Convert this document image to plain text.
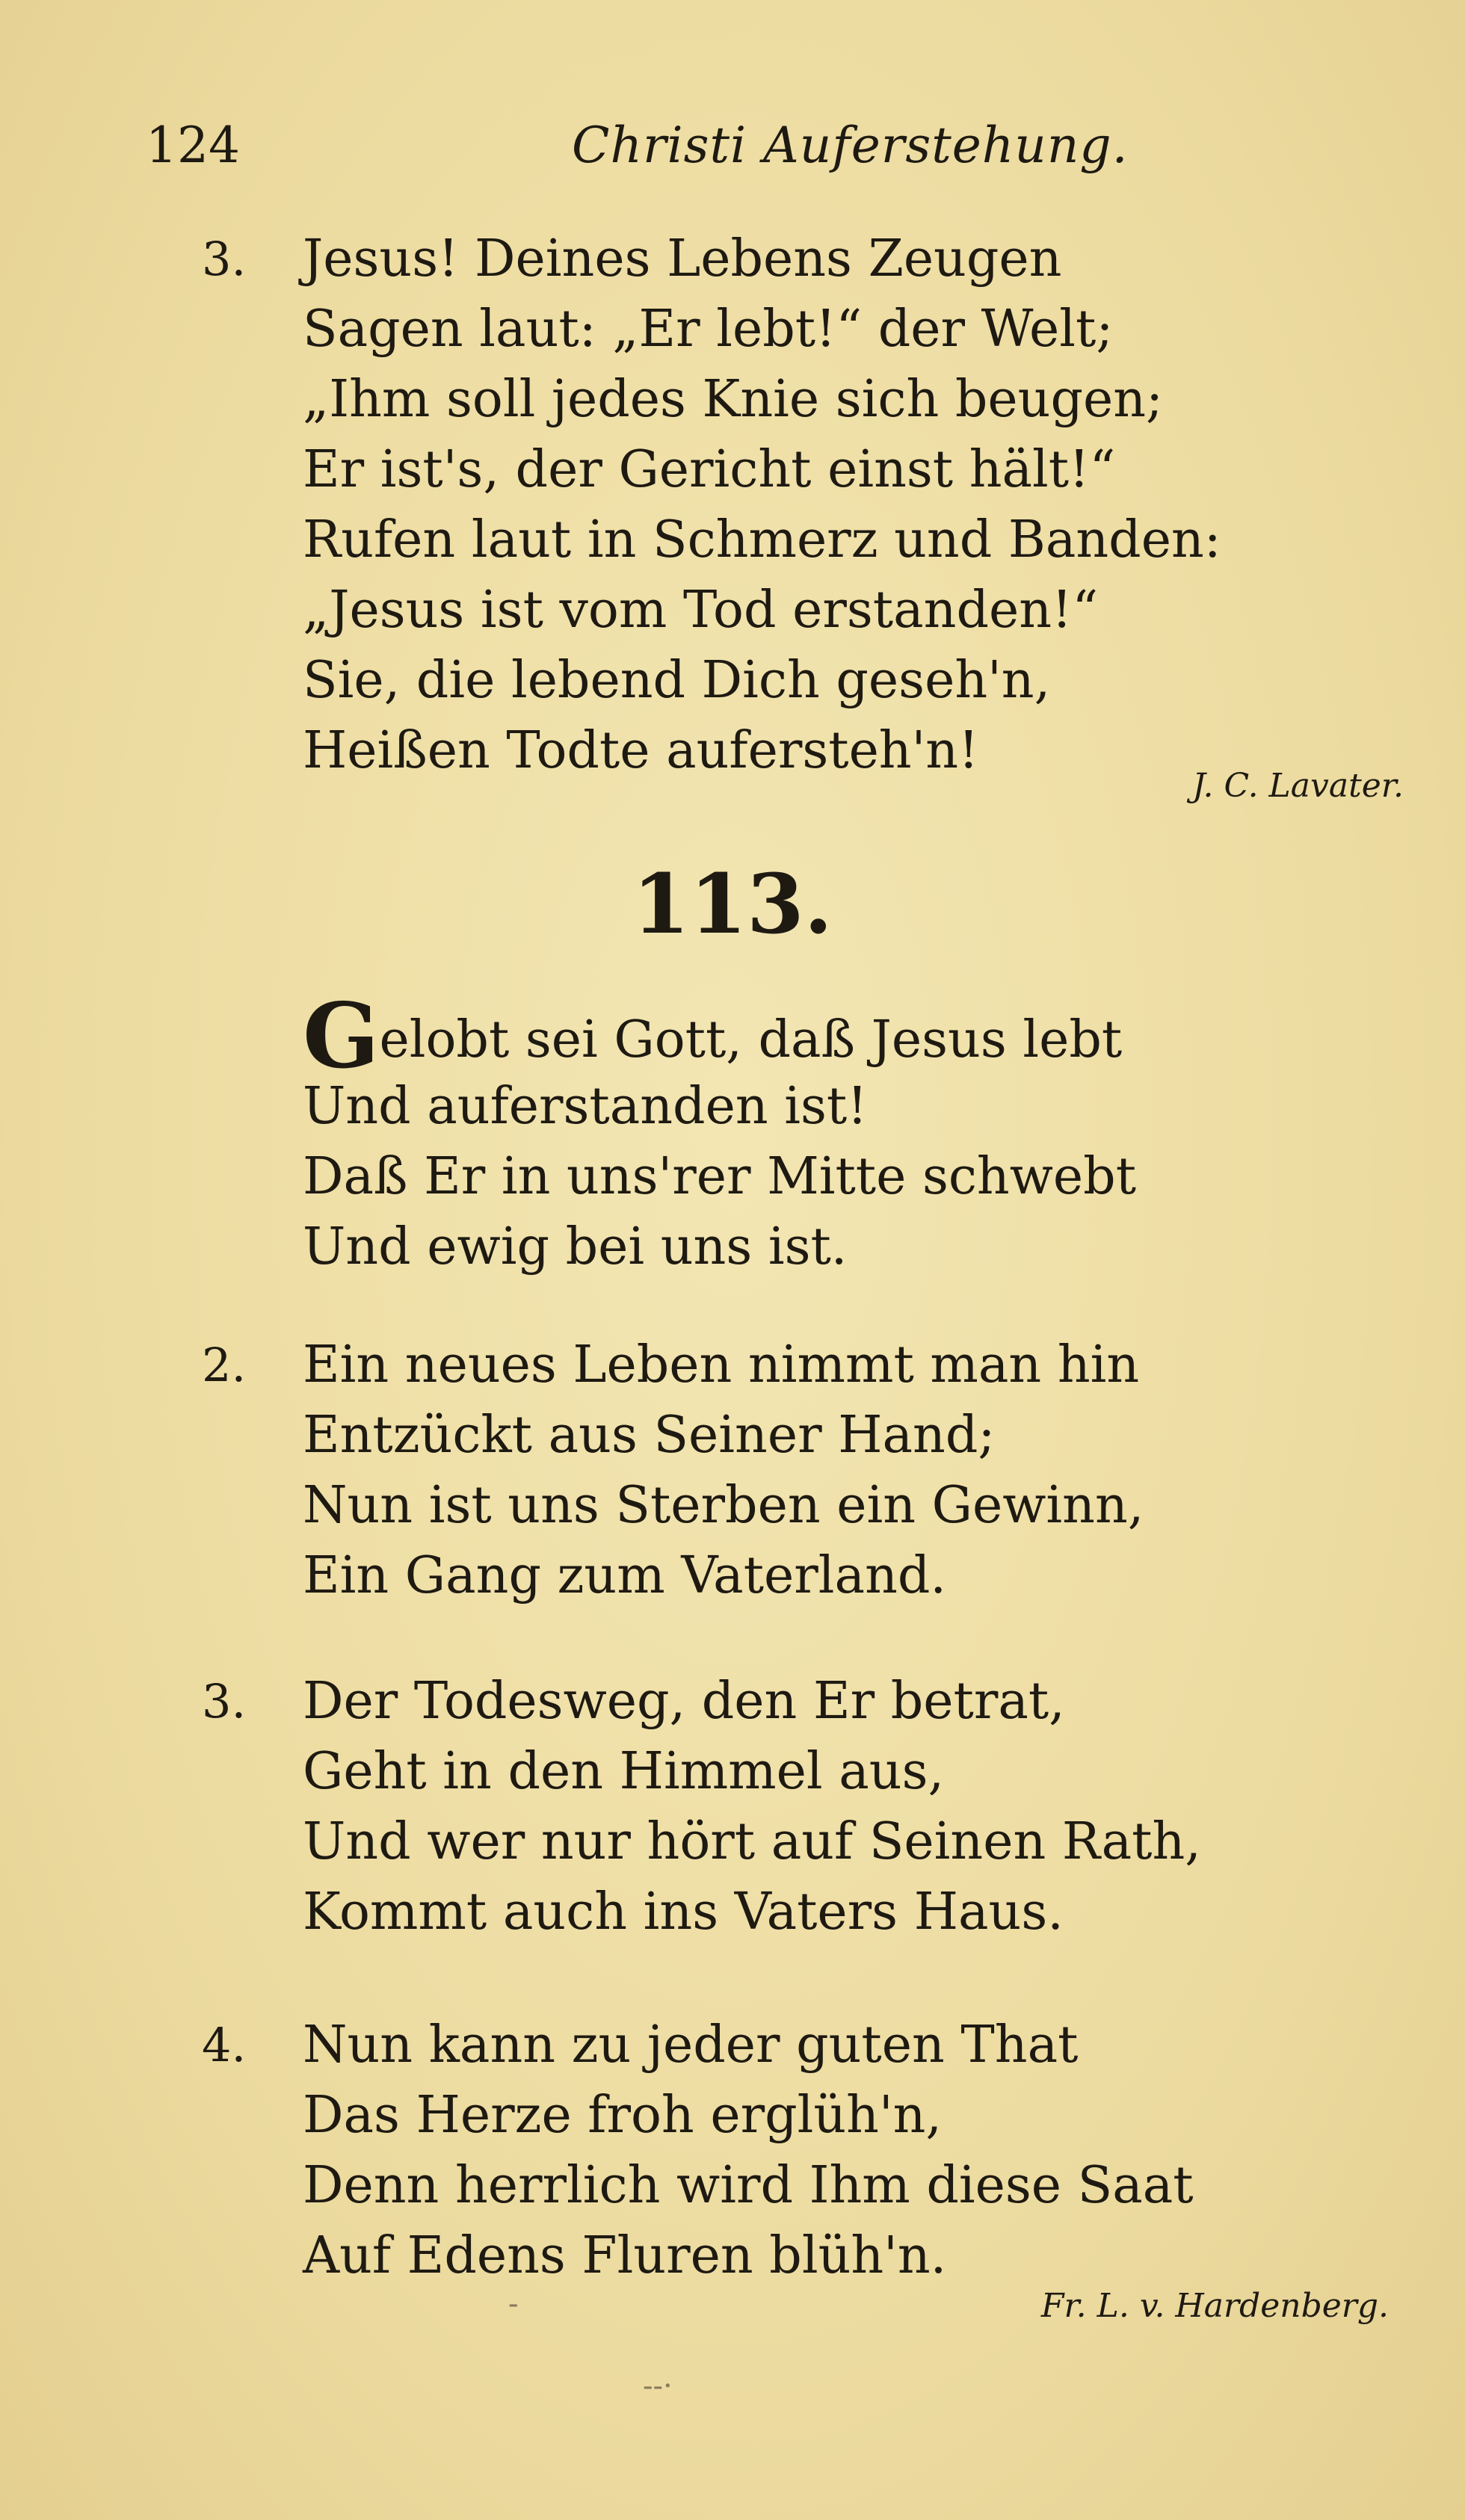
124	Christi Auferstehung.
3. Jesus! Deines Lebens Zeugen
Sagen laut: „Er lebt!“ der Welt;
„Ihm soll jedes Knie sich beugen;
Er ist's, der Gericht einst hält!“
Rufen laut in Schmerz und Banden:
„Jesus ist vom Tod erstanden!“
Sie, die lebend Dich geseh'n,
Heißen Todte aufersteh'n!
J. C. Lavater.
113.
Gelobt sei Gott, daß Jesus lebt
Und auferstanden ist!
Daß Er in uns'rer Mitte schwebt
Und ewig bei uns ist.
2. Ein neues Leben nimmt man hin
Entzückt aus Seiner Hand;
Nun ist uns Sterben ein Gewinn,
Ein Gang zum Vaterland.
3. Der Todesweg, den Er betrat,
Geht in den Himmel aus,
Und wer nur hört auf Seinen Rath,
Kommt auch ins Vaters Haus.
4. Nun kann zu jeder guten That
Das Herze froh erglüh'n,
Denn herrlich wird Ihm diese Saat
Auf Edens Fluren blüh'n.
Fr. L. v. Hardenberg.
-
--·
